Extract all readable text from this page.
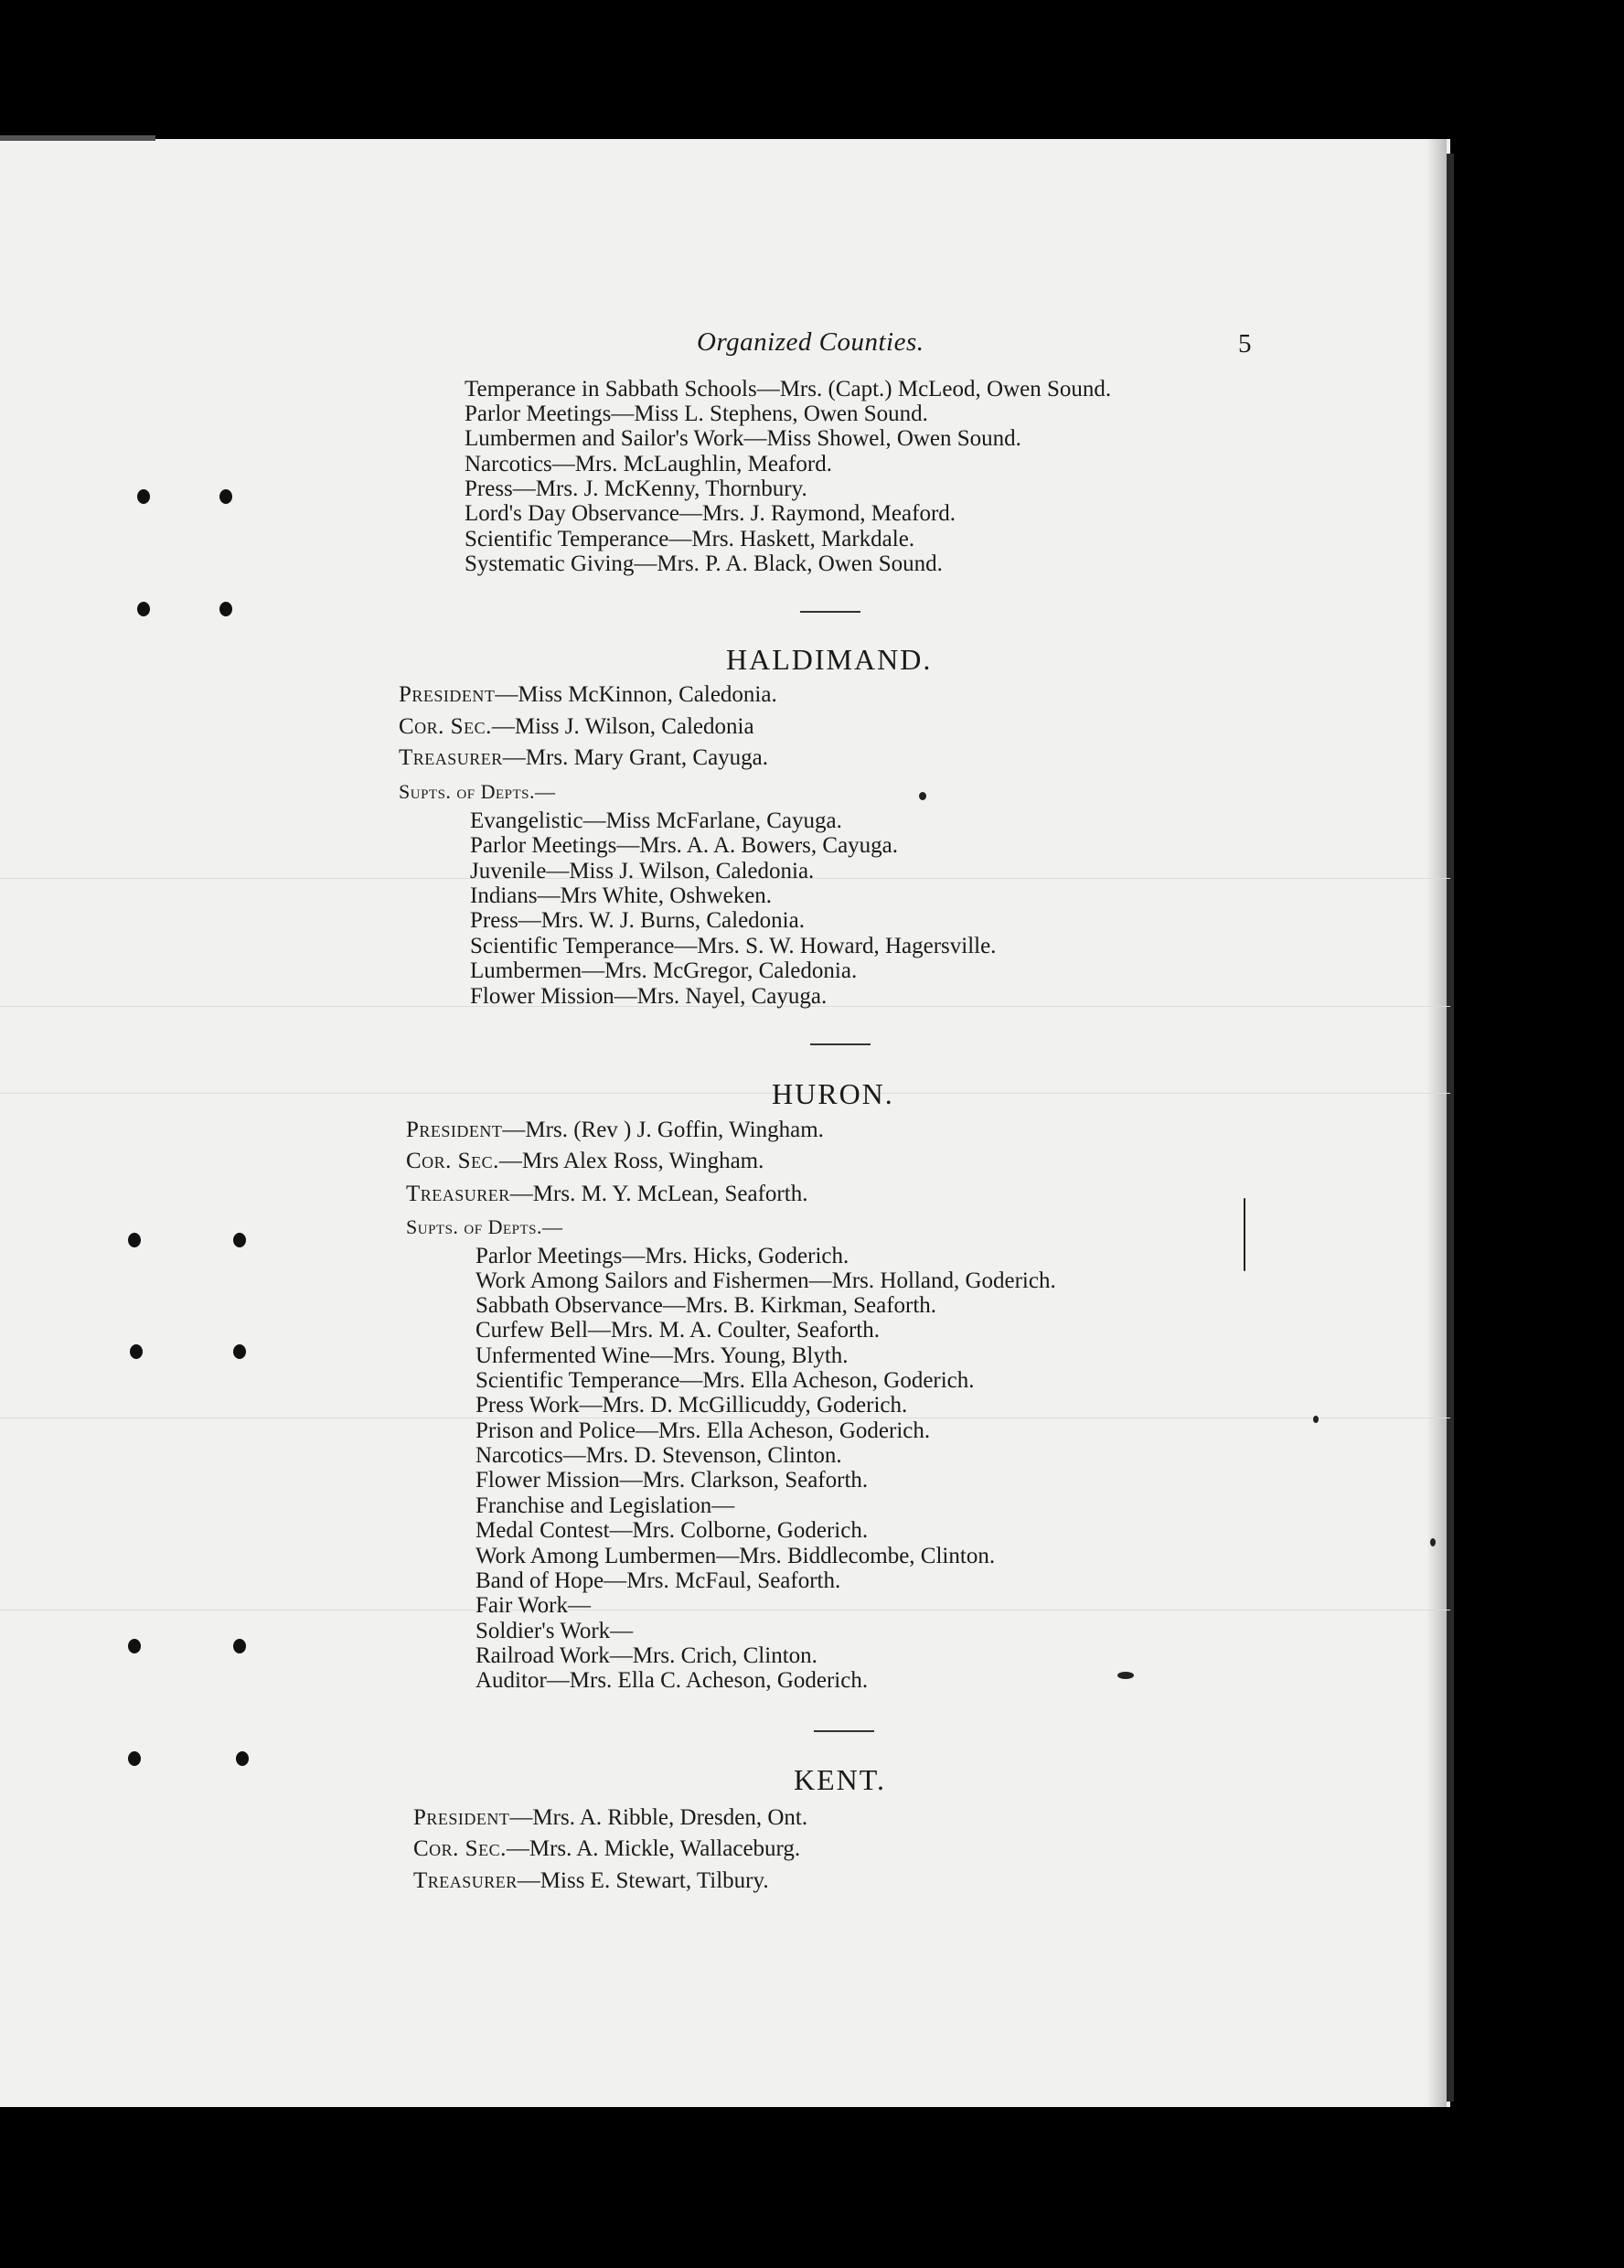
Organized Counties.	5
Temperance in Sabbath Schools—Mrs. (Capt.) McLeod, Owen Sound.
Parlor Meetings—Miss L. Stephens, Owen Sound.
Lumbermen and Sailor's Work—Miss Showel, Owen Sound.
Narcotics—Mrs. McLaughlin, Meaford.
Press—Mrs. J. McKenny, Thornbury.
Lord's Day Observance—Mrs. J. Raymond, Meaford.
Scientific Temperance—Mrs. Haskett, Markdale.
Systematic Giving—Mrs. P. A. Black, Owen Sound.
HALDIMAND.
President—Miss McKinnon, Caledonia.
Cor. Sec.—Miss J. Wilson, Caledonia
Treasurer—Mrs. Mary Grant, Cayuga.
Supts. of Depts.—
Evangelistic—Miss McFarlane, Cayuga.
Parlor Meetings—Mrs. A. A. Bowers, Cayuga.
Juvenile—Miss J. Wilson, Caledonia.
Indians—Mrs White, Oshweken.
Press—Mrs. W. J. Burns, Caledonia.
Scientific Temperance—Mrs. S. W. Howard, Hagersville.
Lumbermen—Mrs. McGregor, Caledonia.
Flower Mission—Mrs. Nayel, Cayuga.
HURON.
President—Mrs. (Rev ) J. Goffin, Wingham.
Cor. Sec.—Mrs Alex Ross, Wingham.
Treasurer—Mrs. M. Y. McLean, Seaforth.
Supts. of Depts.—
Parlor Meetings—Mrs. Hicks, Goderich.
Work Among Sailors and Fishermen—Mrs. Holland, Goderich.
Sabbath Observance—Mrs. B. Kirkman, Seaforth.
Curfew Bell—Mrs. M. A. Coulter, Seaforth.
Unfermented Wine—Mrs. Young, Blyth.
Scientific Temperance—Mrs. Ella Acheson, Goderich.
Press Work—Mrs. D. McGillicuddy, Goderich.
Prison and Police—Mrs. Ella Acheson, Goderich.
Narcotics—Mrs. D. Stevenson, Clinton.
Flower Mission—Mrs. Clarkson, Seaforth.
Franchise and Legislation—
Medal Contest—Mrs. Colborne, Goderich.
Work Among Lumbermen—Mrs. Biddlecombe, Clinton.
Band of Hope—Mrs. McFaul, Seaforth.
Fair Work—
Soldier's Work—
Railroad Work—Mrs. Crich, Clinton.
Auditor—Mrs. Ella C. Acheson, Goderich.
KENT.
President—Mrs. A. Ribble, Dresden, Ont.
Cor. Sec.—Mrs. A. Mickle, Wallaceburg.
Treasurer—Miss E. Stewart, Tilbury.
